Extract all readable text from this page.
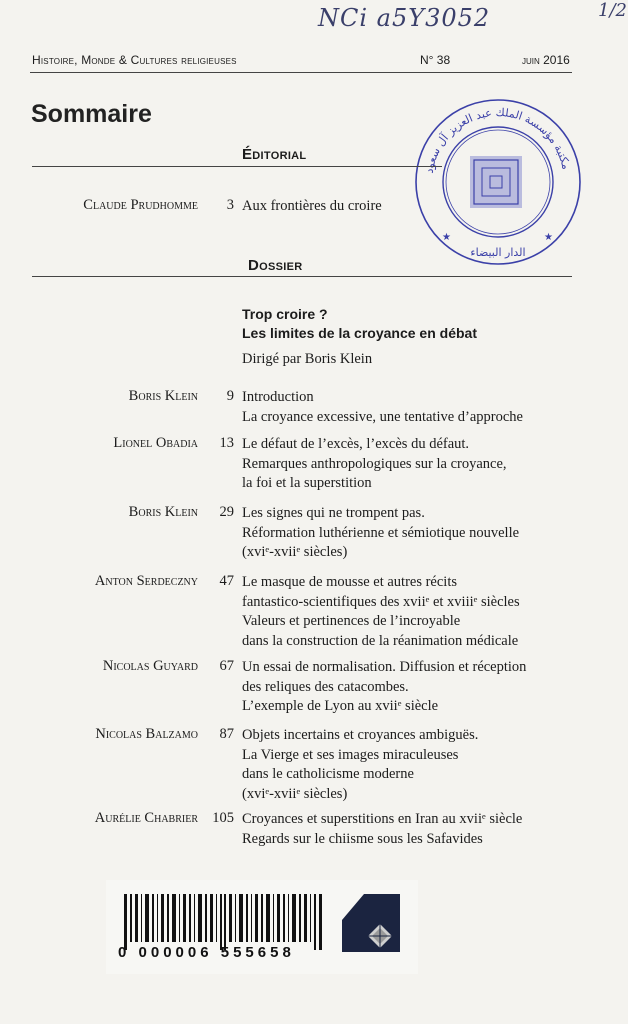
NCi a5Y3052	1/2
Histoire, Monde & Cultures religieuses	N° 38	juin 2016
Sommaire
مكتبة مؤسسة الملك عبد العزيز آل سع د
الدار البيضاء
★	★
Éditorial
Claude Prudhomme	3 Aux frontières du croire
Dossier
Trop croire ?
Les limites de la croyance en débat
Dirigé par Boris Klein
Boris Klein	9 Introduction
La croyance excessive, une tentative d’approche
Lionel Obadia	13 Le défaut de l’excès, l’excès du défaut.
Remarques anthropologiques sur la croyance,
la foi et la superstition
Boris Klein	29 Les signes qui ne trompent pas.
Réformation luthérienne et sémiotique nouvelle
(xviᵉ-xviiᵉ siècles)
Anton Serdeczny	47 Le masque de mousse et autres récits
fantastico-scientifiques des xviiᵉ et xviiiᵉ siècles
Valeurs et pertinences de l’incroyable
dans la construction de la réanimation médicale
Nicolas Guyard	67 Un essai de normalisation. Diffusion et réception
des reliques des catacombes.
L’exemple de Lyon au xviiᵉ siècle
Nicolas Balzamo	87 Objets incertains et croyances ambiguës.
La Vierge et ses images miraculeuses
dans le catholicisme moderne
(xviᵉ-xviiᵉ siècles)
Aurélie Chabrier 105 Croyances et superstitions en Iran au xviiᵉ siècle
Regards sur le chiisme sous les Safavides
0 000006 555658
